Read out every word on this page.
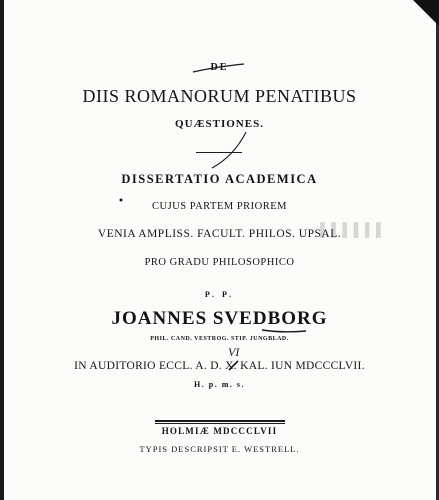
DE
DIIS ROMANORUM PENATIBUS
QUÆSTIONES.
DISSERTATIO ACADEMICA
CUJUS PARTEM PRIOREM
VENIA AMPLISS. FACULT. PHILOS. UPSAL.
PRO GRADU PHILOSOPHICO
P. P.
JOANNES SVEDBORG
PHIL. CAND. VESTROG. STIP. JUNGBLAD.
IN AUDITORIO ECCL. A. D. X. KAL. IUN MDCCCLVII.
H. p. m. s.
HOLMIÆ MDCCCLVII
TYPIS DESCRIPSIT E. WESTRELL.
▌▌▌▌▌▌
VI
